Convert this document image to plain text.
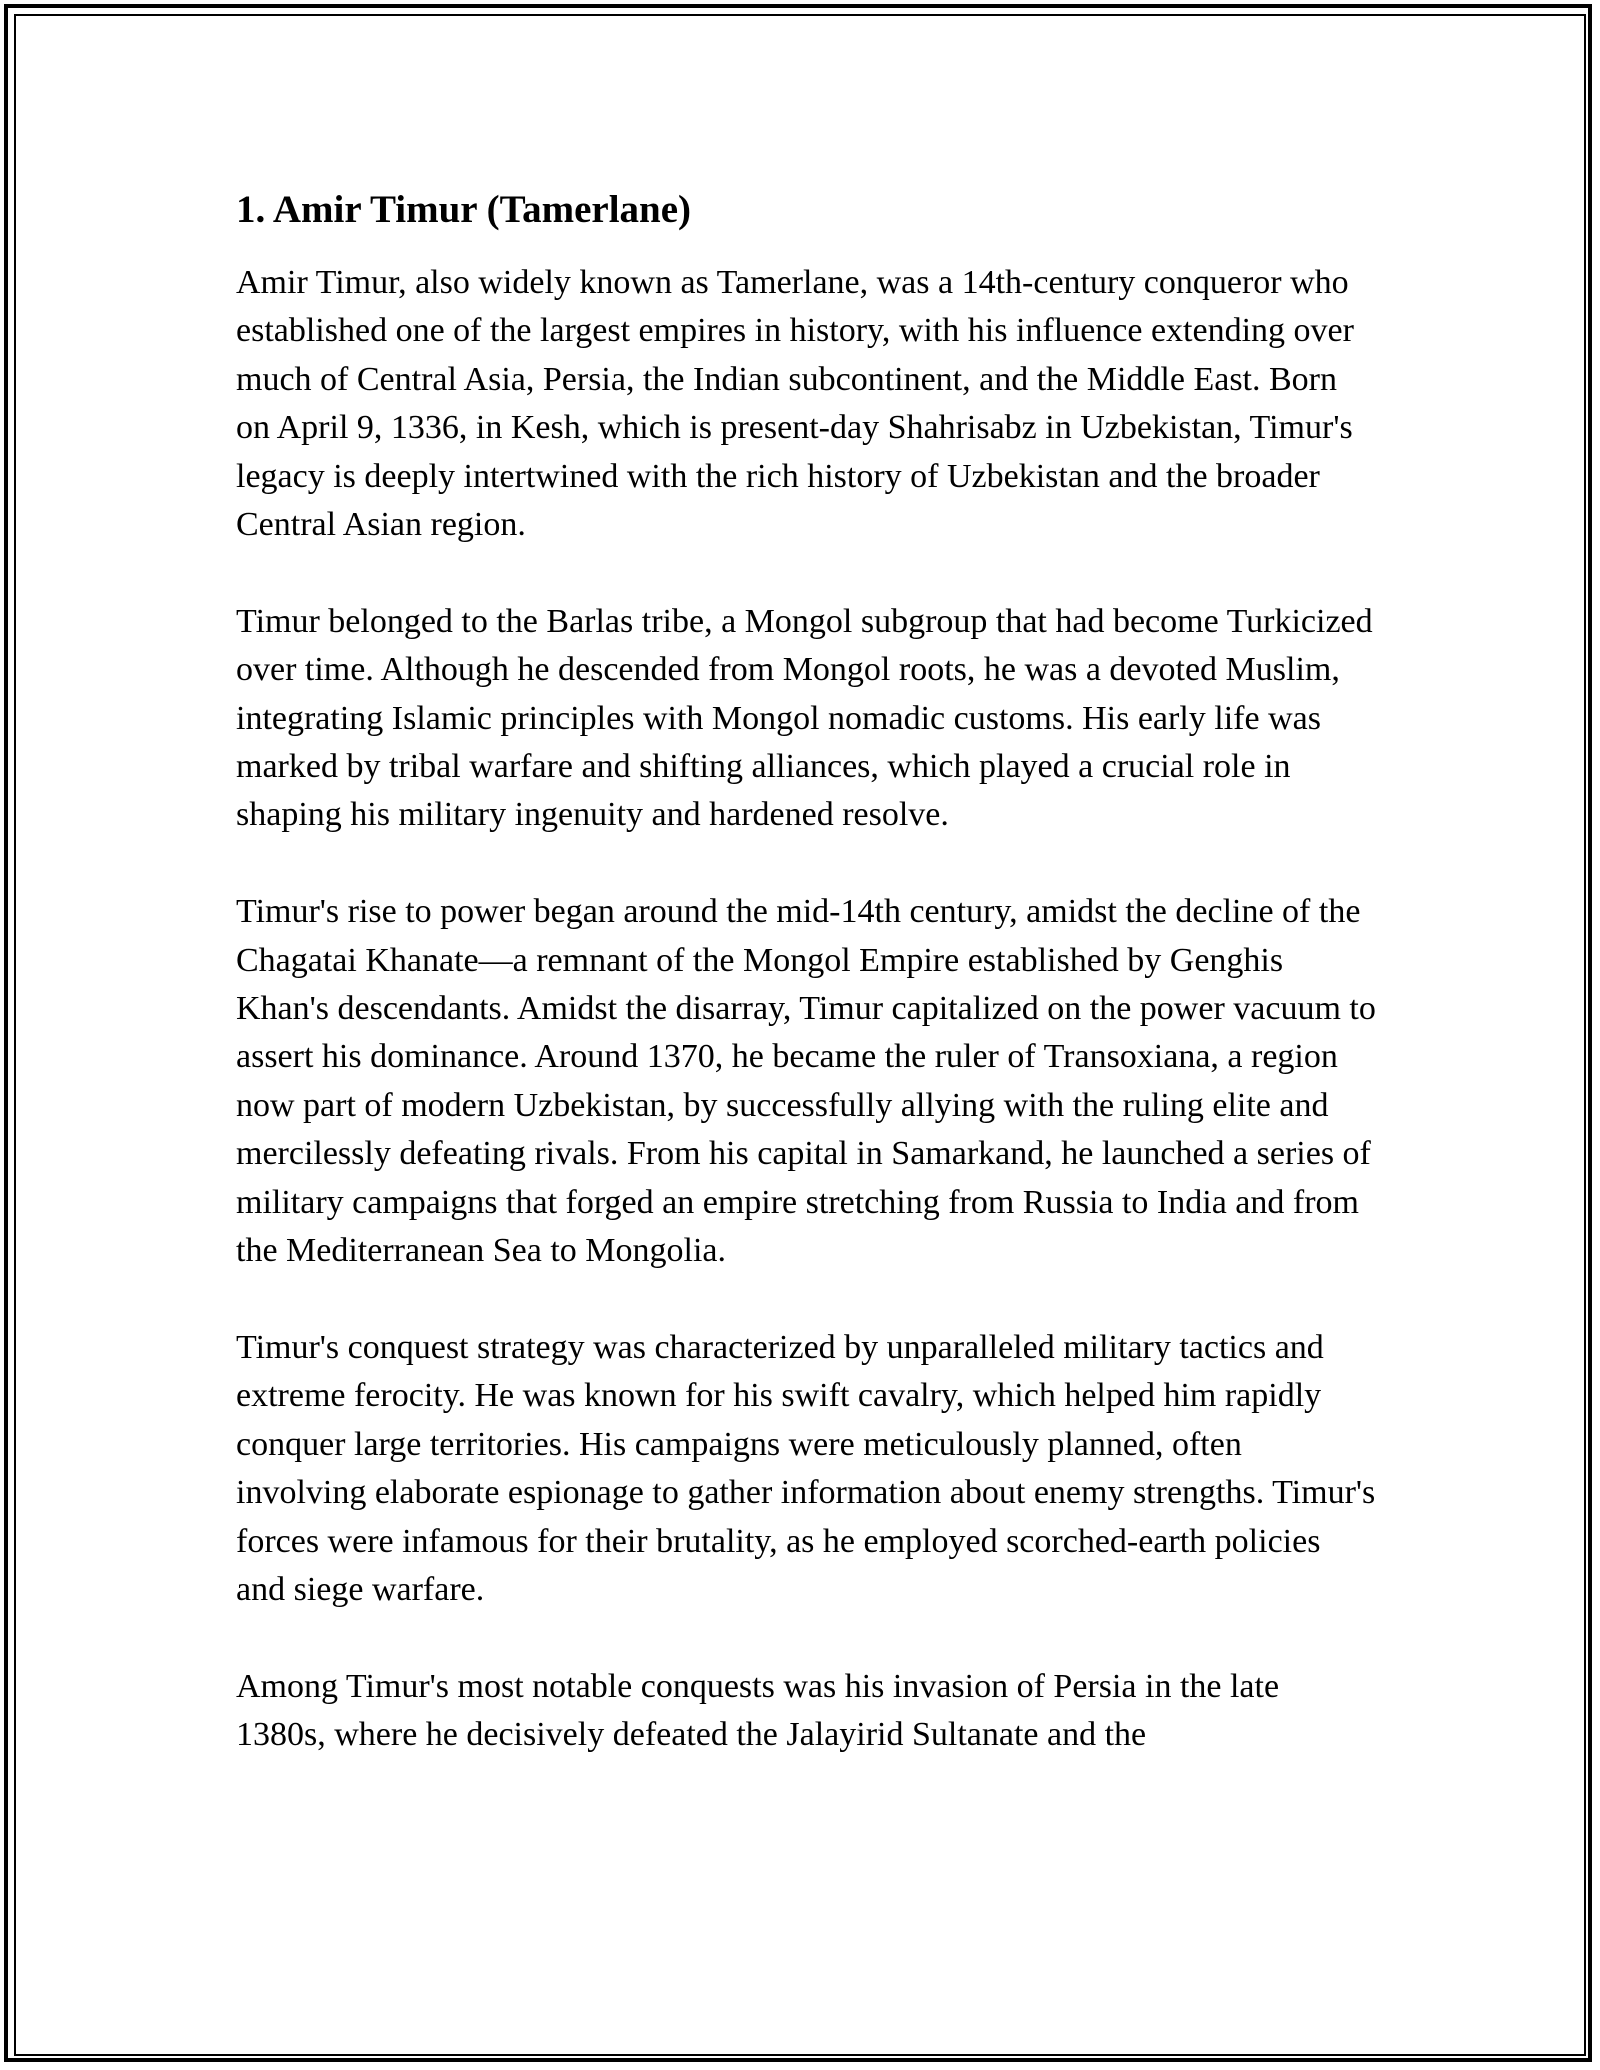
1. Amir Timur (Tamerlane)

Amir Timur, also widely known as Tamerlane, was a 14th-century conqueror who established one of the largest empires in history, with his influence extending over much of Central Asia, Persia, the Indian subcontinent, and the Middle East. Born on April 9, 1336, in Kesh, which is present-day Shahrisabz in Uzbekistan, Timur's legacy is deeply intertwined with the rich history of Uzbekistan and the broader Central Asian region.

Timur belonged to the Barlas tribe, a Mongol subgroup that had become Turkicized over time. Although he descended from Mongol roots, he was a devoted Muslim, integrating Islamic principles with Mongol nomadic customs. His early life was marked by tribal warfare and shifting alliances, which played a crucial role in shaping his military ingenuity and hardened resolve.

Timur's rise to power began around the mid-14th century, amidst the decline of the Chagatai Khanate—a remnant of the Mongol Empire established by Genghis Khan's descendants. Amidst the disarray, Timur capitalized on the power vacuum to assert his dominance. Around 1370, he became the ruler of Transoxiana, a region now part of modern Uzbekistan, by successfully allying with the ruling elite and mercilessly defeating rivals. From his capital in Samarkand, he launched a series of military campaigns that forged an empire stretching from Russia to India and from the Mediterranean Sea to Mongolia.

Timur's conquest strategy was characterized by unparalleled military tactics and extreme ferocity. He was known for his swift cavalry, which helped him rapidly conquer large territories. His campaigns were meticulously planned, often involving elaborate espionage to gather information about enemy strengths. Timur's forces were infamous for their brutality, as he employed scorched-earth policies and siege warfare.

Among Timur's most notable conquests was his invasion of Persia in the late 1380s, where he decisively defeated the Jalayirid Sultanate and the
